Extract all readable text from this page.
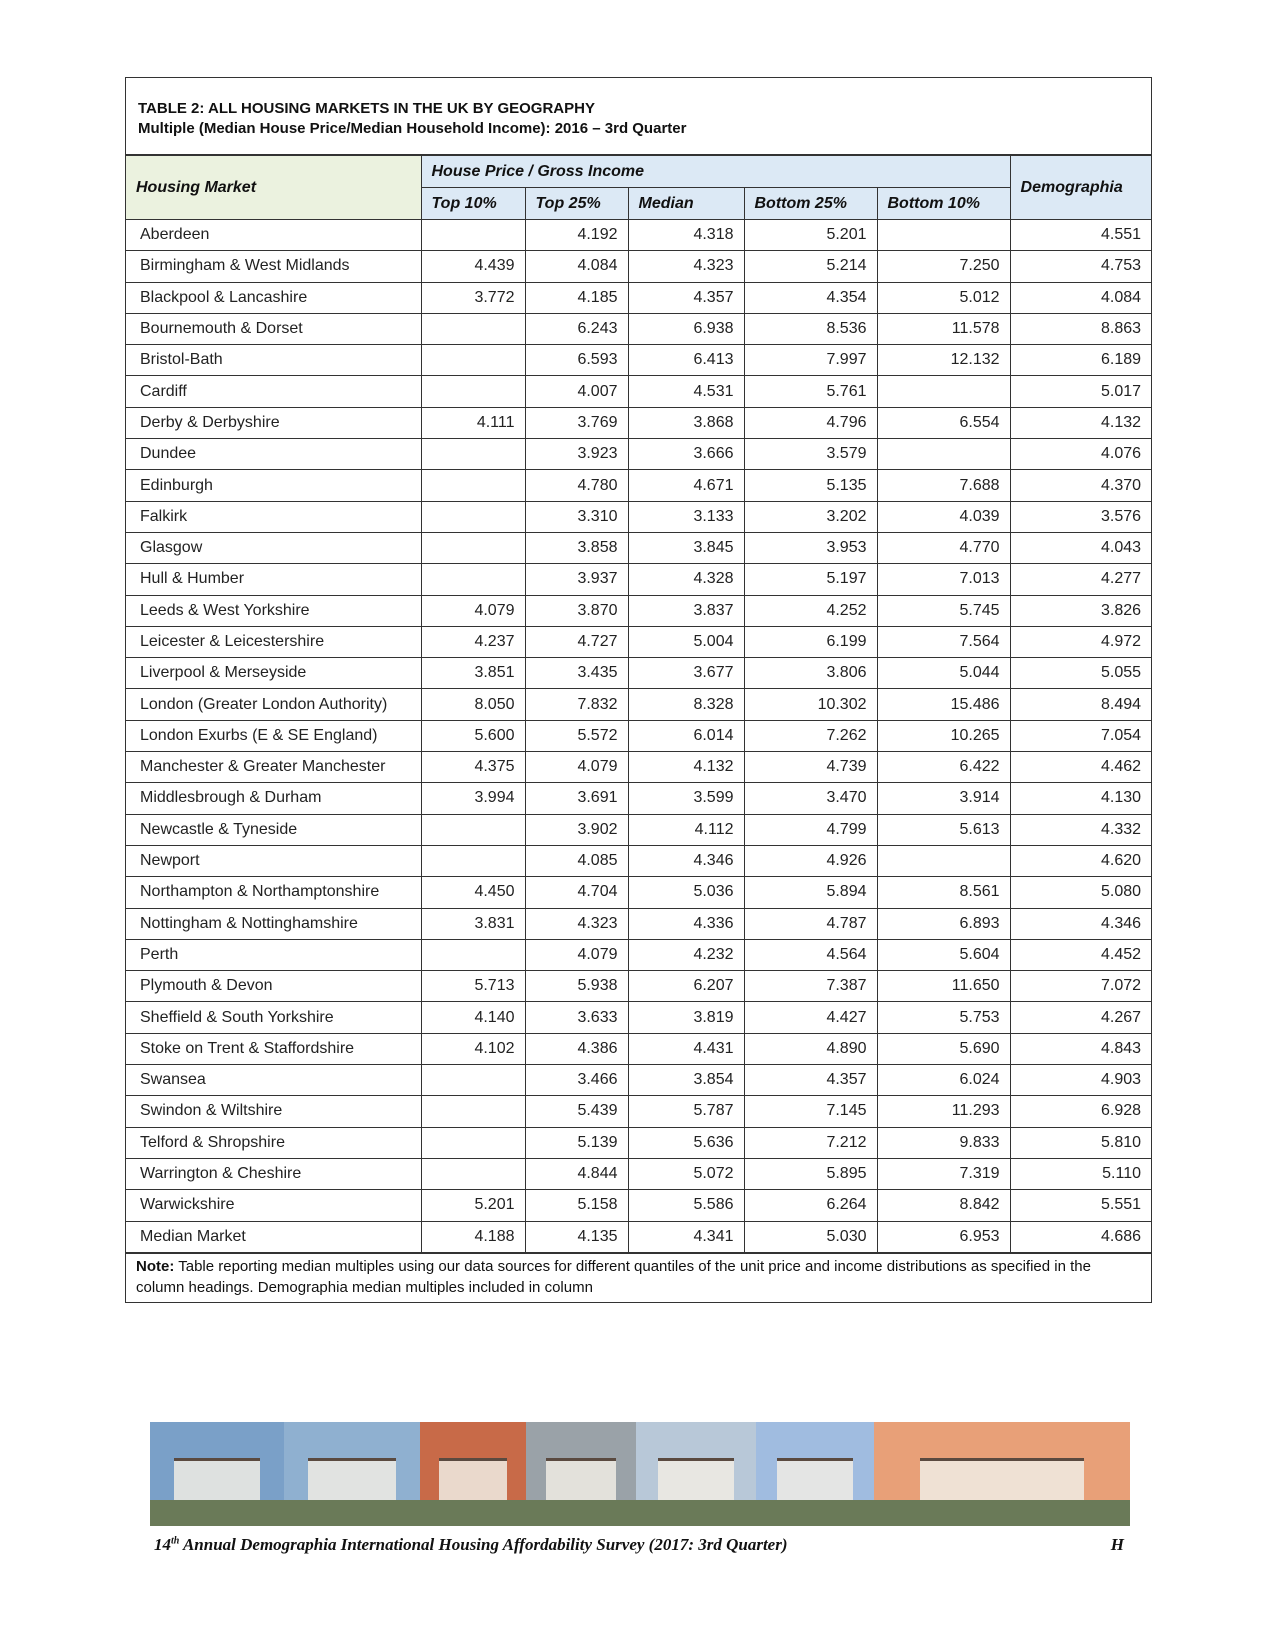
TABLE 2: ALL HOUSING MARKETS IN THE UK BY GEOGRAPHY
Multiple (Median House Price/Median Household Income): 2016 – 3rd Quarter
Housing Market	House Price / Gross Income					Demographia
	Top 10%	Top 25%	Median	Bottom 25%	Bottom 10%	
Aberdeen		4.192	4.318	5.201		4.551
Birmingham & West Midlands	4.439	4.084	4.323	5.214	7.250	4.753
Blackpool & Lancashire	3.772	4.185	4.357	4.354	5.012	4.084
Bournemouth & Dorset		6.243	6.938	8.536	11.578	8.863
Bristol-Bath		6.593	6.413	7.997	12.132	6.189
Cardiff		4.007	4.531	5.761		5.017
Derby & Derbyshire	4.111	3.769	3.868	4.796	6.554	4.132
Dundee		3.923	3.666	3.579		4.076
Edinburgh		4.780	4.671	5.135	7.688	4.370
Falkirk		3.310	3.133	3.202	4.039	3.576
Glasgow		3.858	3.845	3.953	4.770	4.043
Hull & Humber		3.937	4.328	5.197	7.013	4.277
Leeds & West Yorkshire	4.079	3.870	3.837	4.252	5.745	3.826
Leicester & Leicestershire	4.237	4.727	5.004	6.199	7.564	4.972
Liverpool & Merseyside	3.851	3.435	3.677	3.806	5.044	5.055
London (Greater London Authority)	8.050	7.832	8.328	10.302	15.486	8.494
London Exurbs (E & SE England)	5.600	5.572	6.014	7.262	10.265	7.054
Manchester & Greater Manchester	4.375	4.079	4.132	4.739	6.422	4.462
Middlesbrough & Durham	3.994	3.691	3.599	3.470	3.914	4.130
Newcastle & Tyneside		3.902	4.112	4.799	5.613	4.332
Newport		4.085	4.346	4.926		4.620
Northampton & Northamptonshire	4.450	4.704	5.036	5.894	8.561	5.080
Nottingham & Nottinghamshire	3.831	4.323	4.336	4.787	6.893	4.346
Perth		4.079	4.232	4.564	5.604	4.452
Plymouth & Devon	5.713	5.938	6.207	7.387	11.650	7.072
Sheffield & South Yorkshire	4.140	3.633	3.819	4.427	5.753	4.267
Stoke on Trent & Staffordshire	4.102	4.386	4.431	4.890	5.690	4.843
Swansea		3.466	3.854	4.357	6.024	4.903
Swindon & Wiltshire		5.439	5.787	7.145	11.293	6.928
Telford & Shropshire		5.139	5.636	7.212	9.833	5.810
Warrington & Cheshire		4.844	5.072	5.895	7.319	5.110
Warwickshire	5.201	5.158	5.586	6.264	8.842	5.551
Median Market	4.188	4.135	4.341	5.030	6.953	4.686
Note: Table reporting median multiples using our data sources for different quantiles of the unit price and income distributions as specified in the column headings. Demographia median multiples included in column
14th Annual Demographia International Housing Affordability Survey (2017: 3rd Quarter)	H
